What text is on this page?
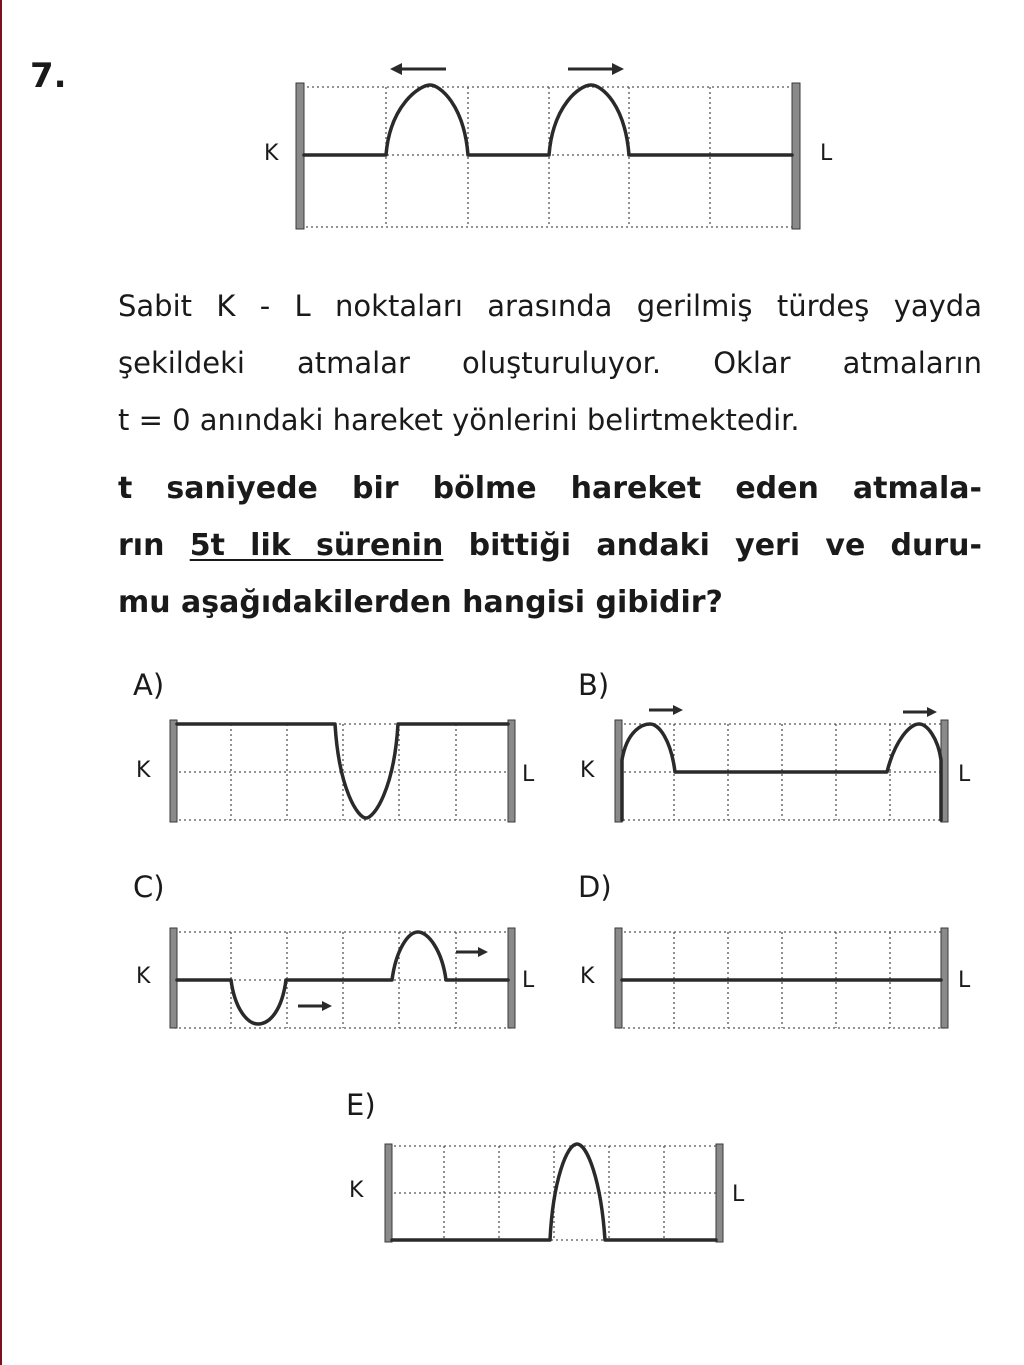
7.
K	L
Sabit K - L noktaları arasında gerilmiş türdeş yayda
şekildeki atmalar oluşturuluyor. Oklar atmaların
t = 0 anındaki hareket yönlerini belirtmektedir.
t saniyede bir bölme hareket eden atmala-
rın 5t lik sürenin bittiği andaki yeri ve duru-
mu aşağıdakilerden hangisi gibidir?
A)
K	L
B)
K	L
C)
K	L
D)
K	L
E)
K	L
